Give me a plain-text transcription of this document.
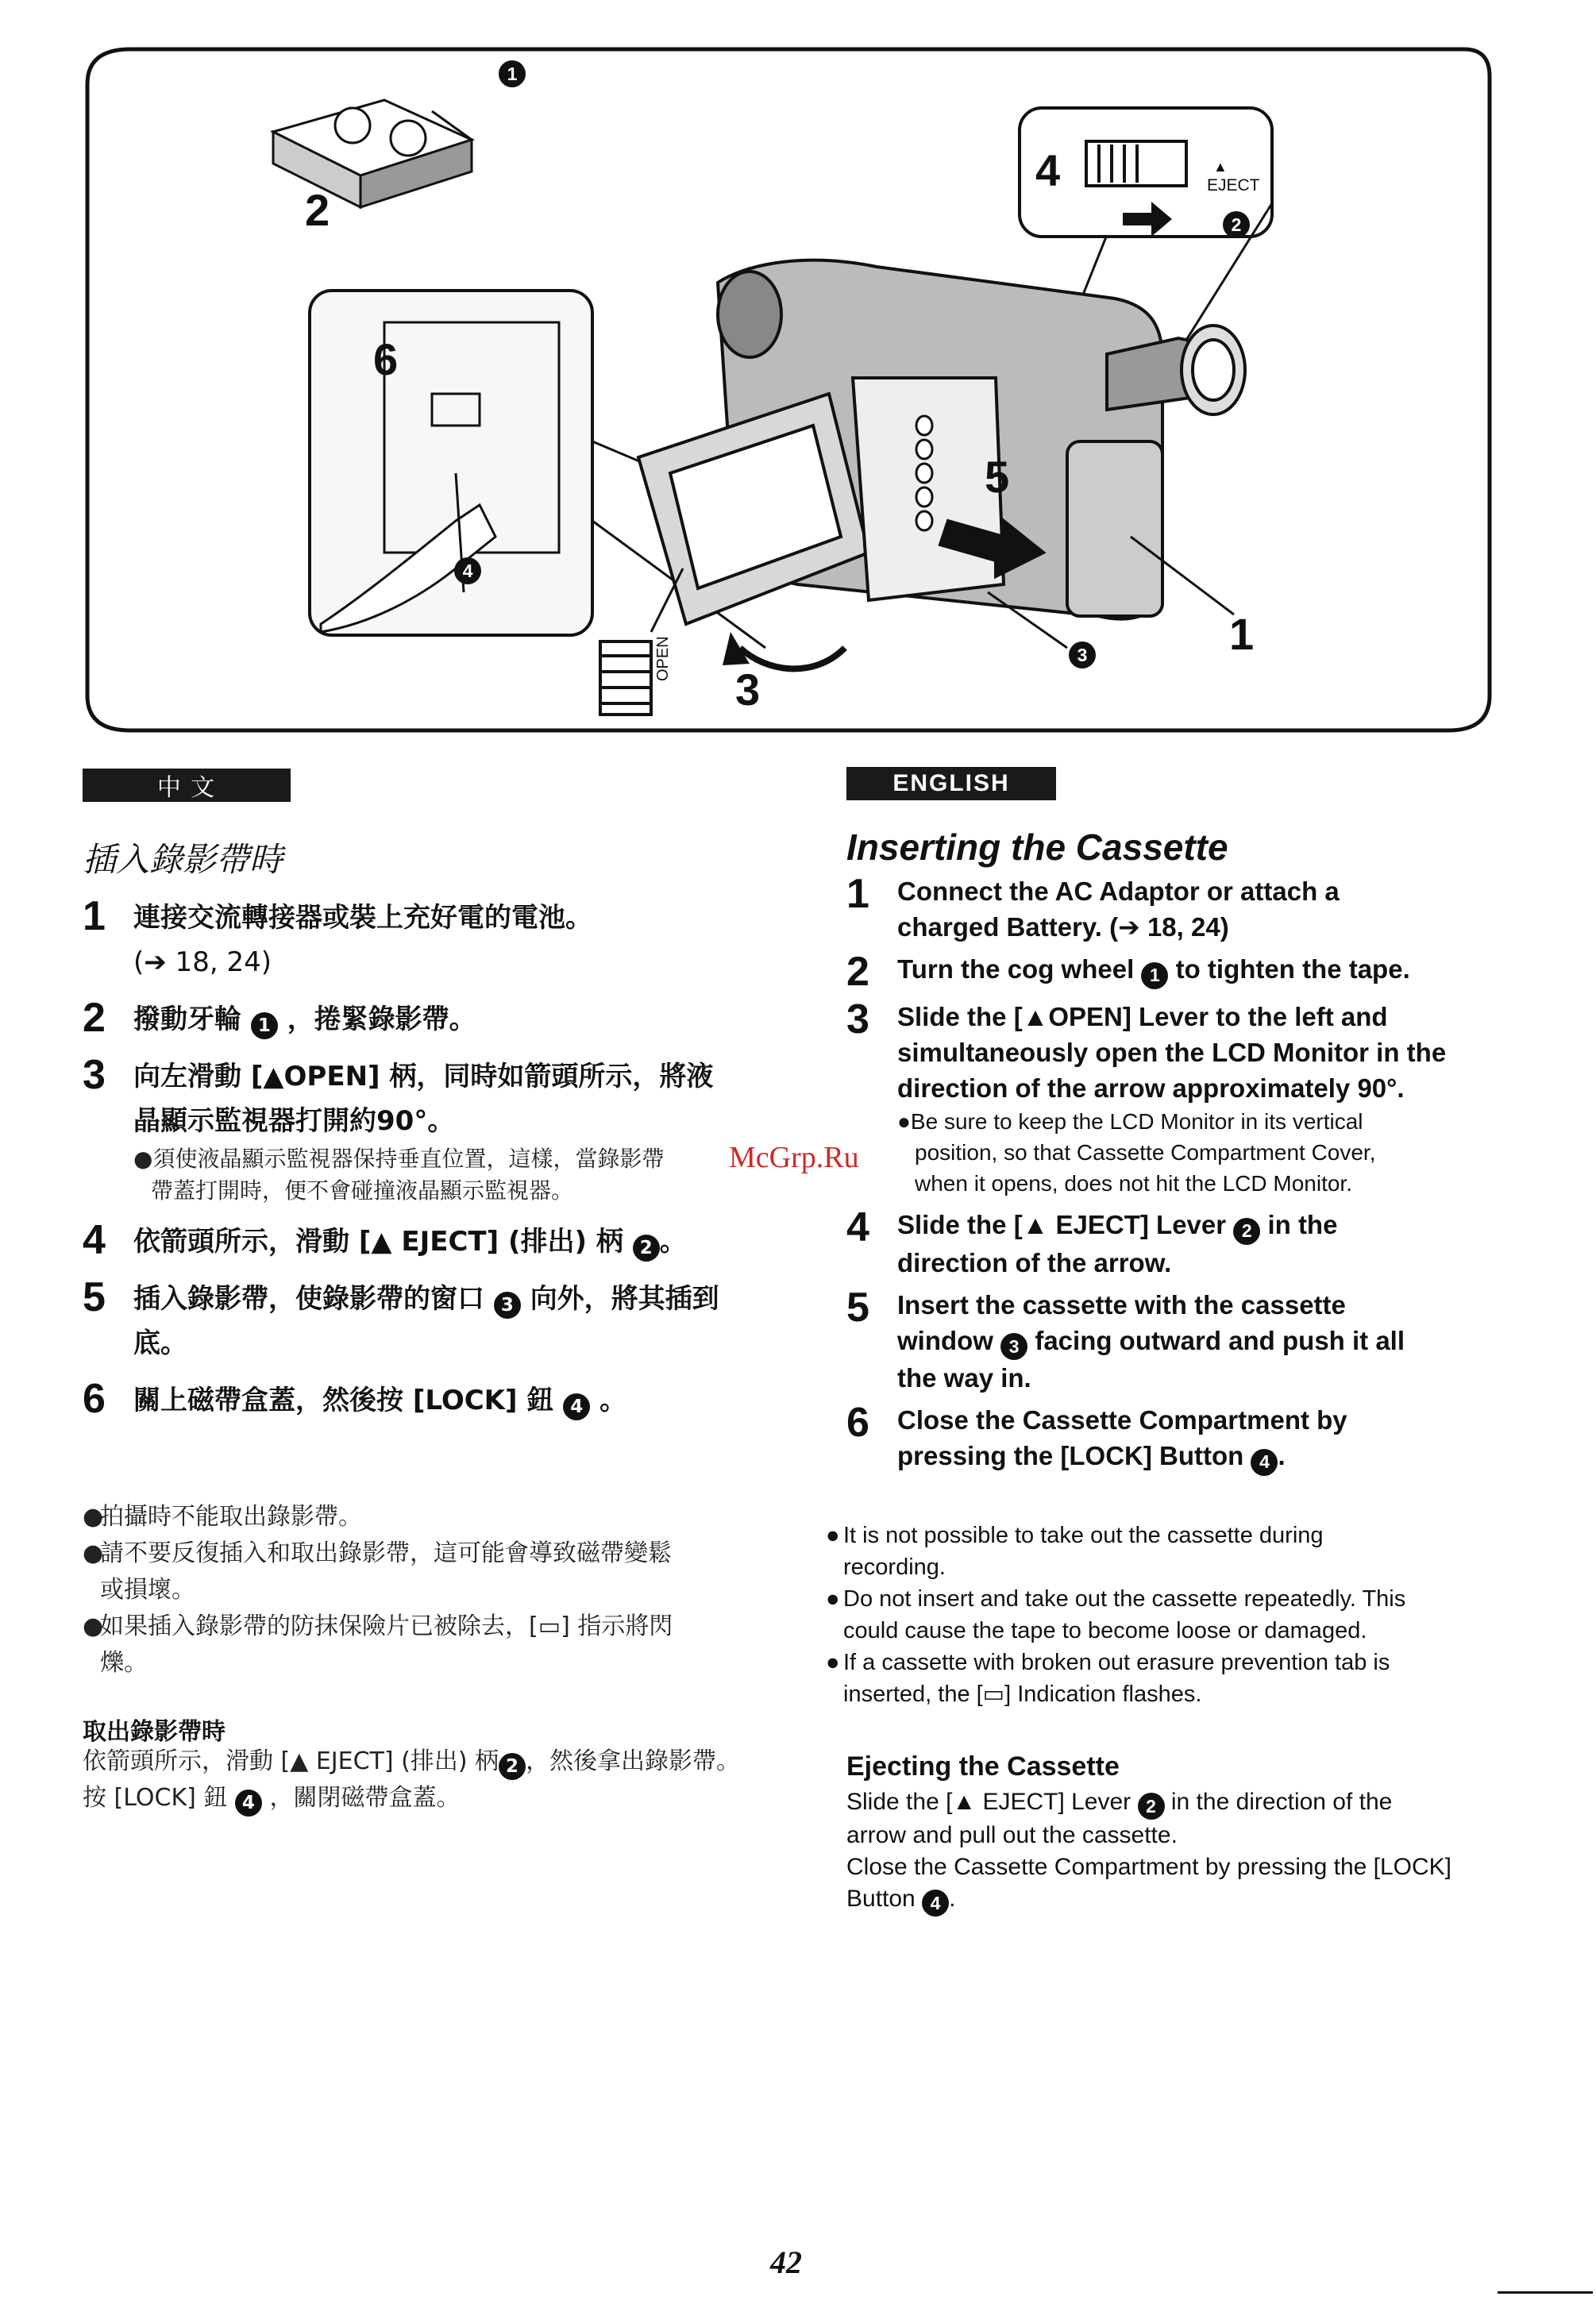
2
4
6
5
1
3
EJECT
▲
OPEN
1
2
3
4
中 文
插入錄影帶時
1	連接交流轉接器或裝上充好電的電池。
(➔ 18, 24)
2	撥動牙輪 1 ，捲緊錄影帶。
3	向左滑動 [▲OPEN] 柄，同時如箭頭所示，將液
晶顯示監視器打開約90°。
●須使液晶顯示監視器保持垂直位置，這樣，當錄影帶
帶蓋打開時，便不會碰撞液晶顯示監視器。
4	依箭頭所示，滑動 [▲ EJECT] (排出) 柄 2 。
5	插入錄影帶，使錄影帶的窗口 3 向外，將其插到
底。
6	關上磁帶盒蓋，然後按 [LOCK] 鈕 4 。
●
拍攝時不能取出錄影帶。
●
請不要反復插入和取出錄影帶，這可能會導致磁帶變鬆
或損壞。
●
如果插入錄影帶的防抹保險片已被除去，[▭] 指示將閃
爍。
取出錄影帶時
依箭頭所示，滑動 [▲ EJECT] (排出) 柄 2 ，然後拿出錄影帶。
按 [LOCK] 鈕 4 ，關閉磁帶盒蓋。
McGrp.Ru
ENGLISH
Inserting the Cassette
1	Connect the AC Adaptor or attach a
charged Battery. (➔ 18, 24)
2	Turn the cog wheel 1 to tighten the tape.
3	Slide the [▲OPEN] Lever to the left and
simultaneously open the LCD Monitor in the
direction of the arrow approximately 90°.
●Be sure to keep the LCD Monitor in its vertical
position, so that Cassette Compartment Cover,
when it opens, does not hit the LCD Monitor.
4	Slide the [▲ EJECT] Lever 2 in the
direction of the arrow.
5	Insert the cassette with the cassette
window 3 facing outward and push it all
the way in.
6	Close the Cassette Compartment by
pressing the [LOCK] Button 4 .
● It is not possible to take out the cassette during
recording.
● Do not insert and take out the cassette repeatedly. This
could cause the tape to become loose or damaged.
● If a cassette with broken out erasure prevention tab is
inserted, the [▭] Indication flashes.
Ejecting the Cassette
Slide the [▲ EJECT] Lever 2 in the direction of the
arrow and pull out the cassette.
Close the Cassette Compartment by pressing the [LOCK]
Button 4 .
42
